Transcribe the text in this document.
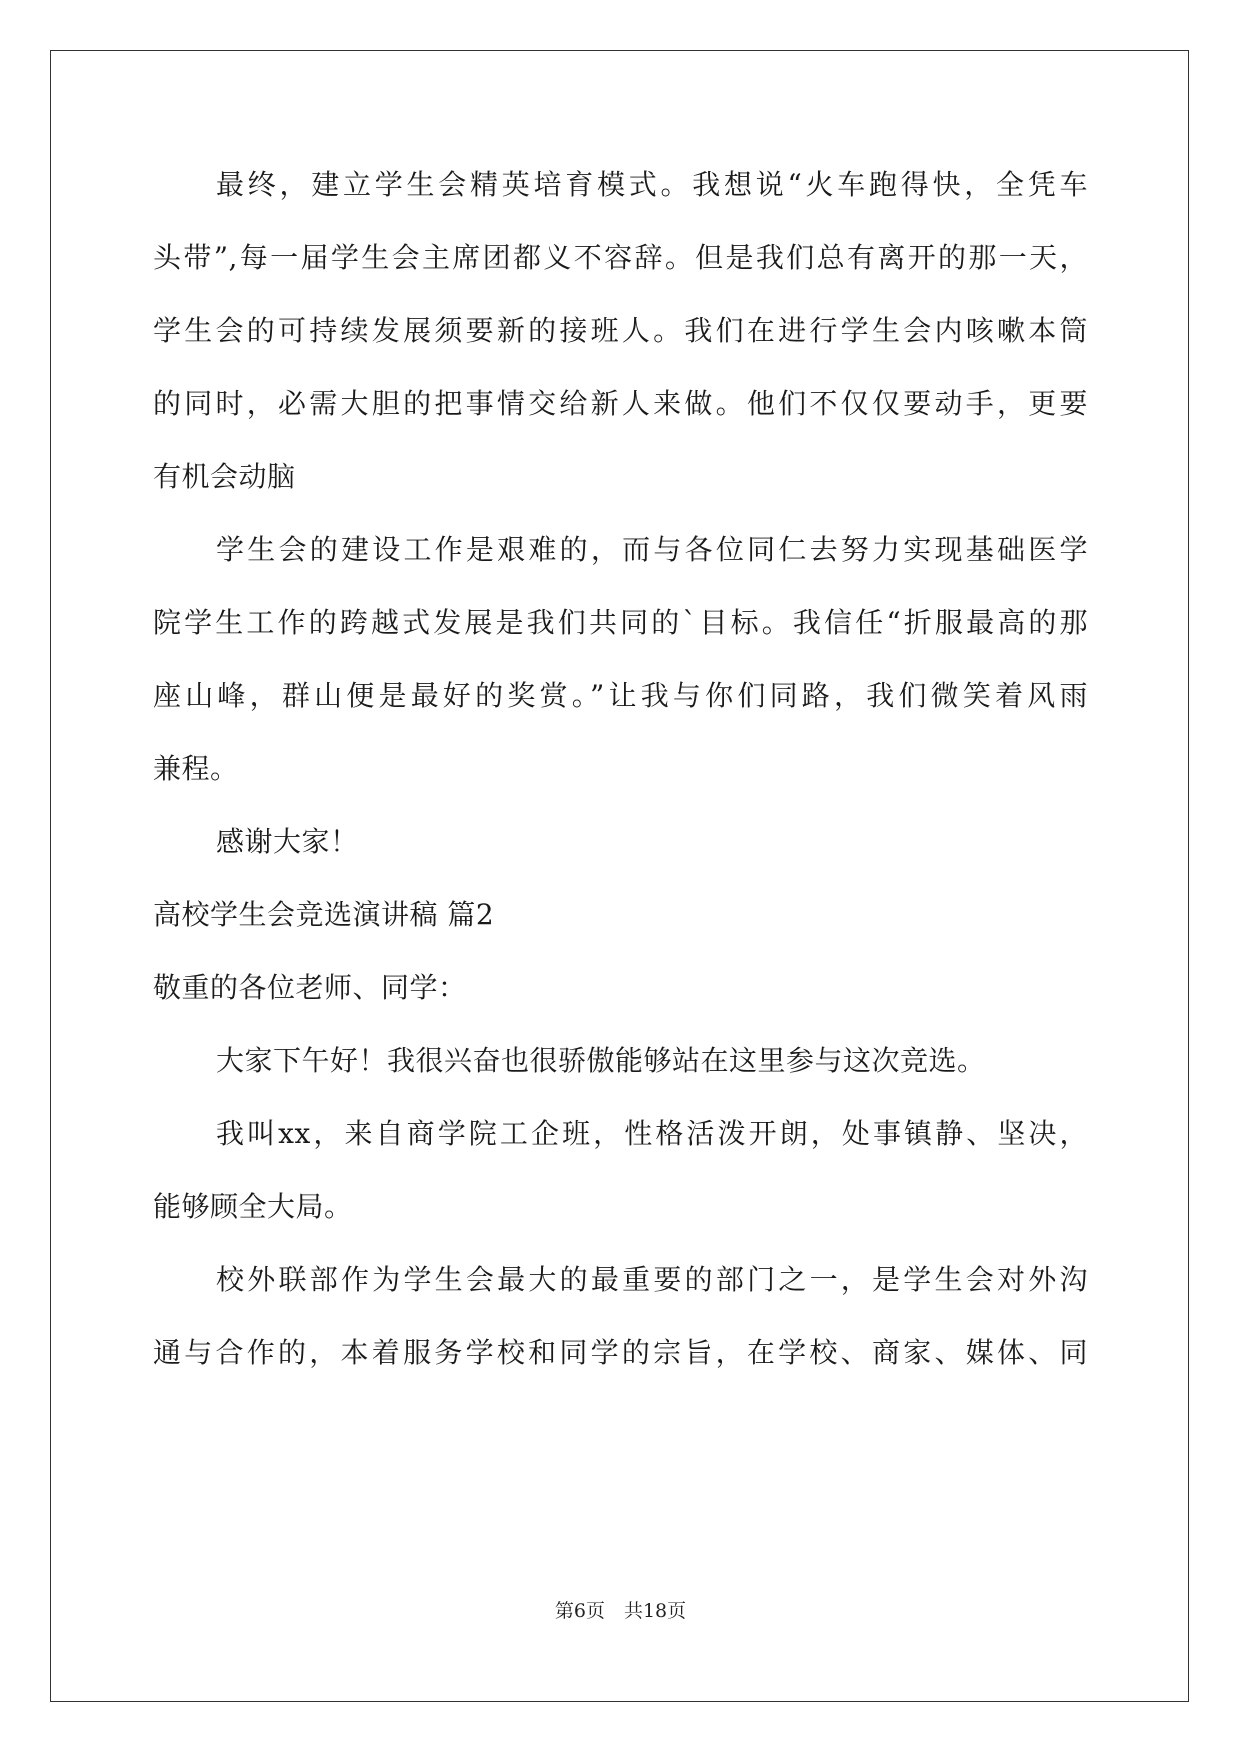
最终，建立学生会精英培育模式。我想说“火车跑得快，全凭车
头带”,每一届学生会主席团都义不容辞。但是我们总有离开的那一天，
学生会的可持续发展须要新的接班人。我们在进行学生会内咳嗽本筒
的同时，必需大胆的把事情交给新人来做。他们不仅仅要动手，更要
有机会动脑
学生会的建设工作是艰难的，而与各位同仁去努力实现基础医学
院学生工作的跨越式发展是我们共同的`目标。我信任“折服最高的那
座山峰，群山便是最好的奖赏。”让我与你们同路，我们微笑着风雨
兼程。
感谢大家！
高校学生会竞选演讲稿 篇2
敬重的各位老师、同学：
大家下午好！我很兴奋也很骄傲能够站在这里参与这次竞选。
我叫xx，来自商学院工企班，性格活泼开朗，处事镇静、坚决，
能够顾全大局。
校外联部作为学生会最大的最重要的部门之一，是学生会对外沟
通与合作的，本着服务学校和同学的宗旨，在学校、商家、媒体、同
第6页　共18页
